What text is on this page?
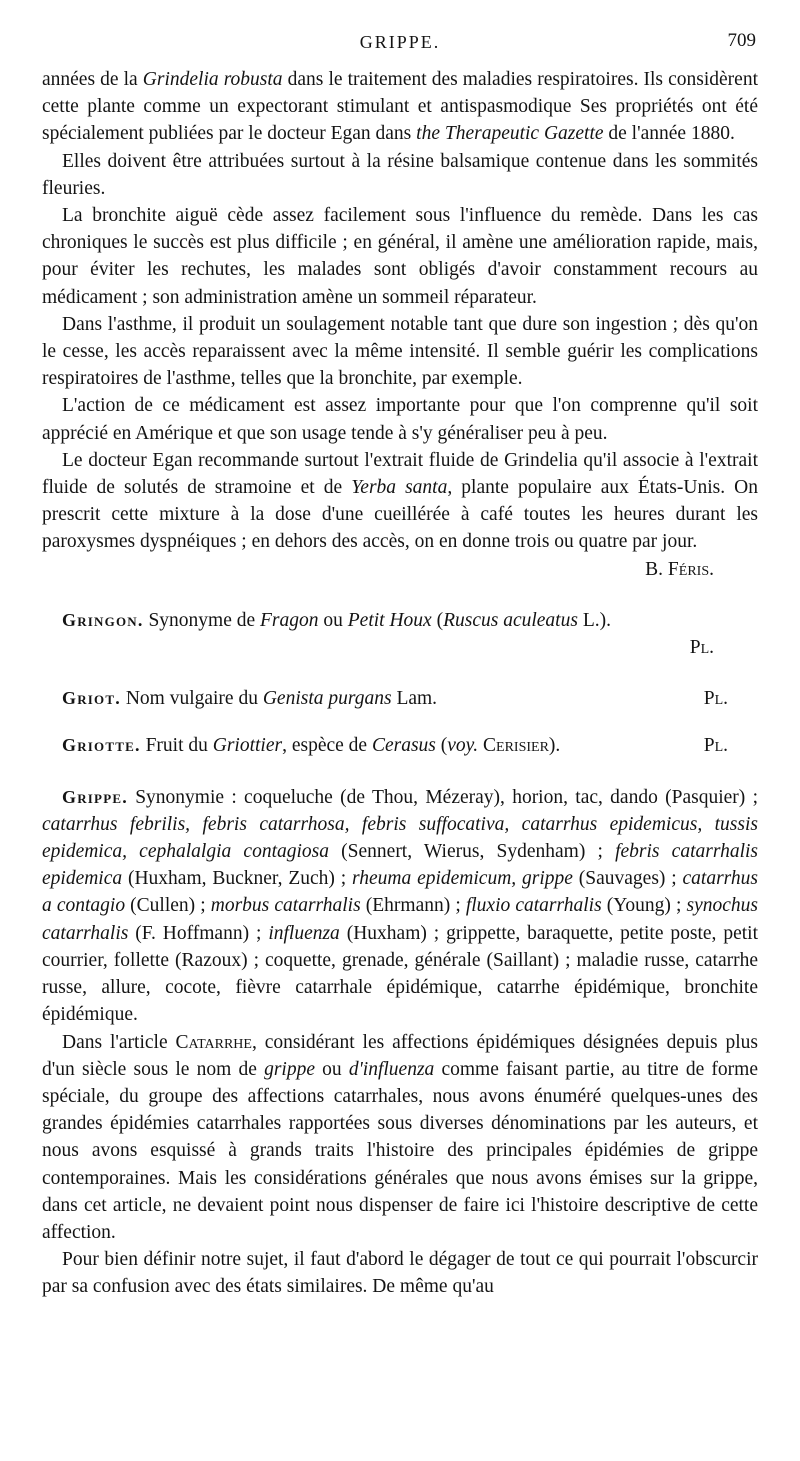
GRIPPE.	709

années de la Grindelia robusta dans le traitement des maladies respiratoires. Ils considèrent cette plante comme un expectorant stimulant et antispasmodique Ses propriétés ont été spécialement publiées par le docteur Egan dans the Therapeutic Gazette de l'année 1880.

Elles doivent être attribuées surtout à la résine balsamique contenue dans les sommités fleuries.

La bronchite aiguë cède assez facilement sous l'influence du remède. Dans les cas chroniques le succès est plus difficile ; en général, il amène une amélioration rapide, mais, pour éviter les rechutes, les malades sont obligés d'avoir constamment recours au médicament ; son administration amène un sommeil réparateur.

Dans l'asthme, il produit un soulagement notable tant que dure son ingestion ; dès qu'on le cesse, les accès reparaissent avec la même intensité. Il semble guérir les complications respiratoires de l'asthme, telles que la bronchite, par exemple.

L'action de ce médicament est assez importante pour que l'on comprenne qu'il soit apprécié en Amérique et que son usage tende à s'y généraliser peu à peu.

Le docteur Egan recommande surtout l'extrait fluide de Grindelia qu'il associe à l'extrait fluide de solutés de stramoine et de Yerba santa, plante populaire aux États-Unis. On prescrit cette mixture à la dose d'une cueillérée à café toutes les heures durant les paroxysmes dyspnéiques ; en dehors des accès, on en donne trois ou quatre par jour.

B. Féris.

Gringon. Synonyme de Fragon ou Petit Houx (Ruscus aculeatus L.).

Pl.

Griot. Nom vulgaire du Genista purgans Lam.	Pl.

Griotte. Fruit du Griottier, espèce de Cerasus (voy. Cerisier).	Pl.

Grippe. Synonymie : coqueluche (de Thou, Mézeray), horion, tac, dando (Pasquier) ; catarrhus febrilis, febris catarrhosa, febris suffocativa, catarrhus epidemicus, tussis epidemica, cephalalgia contagiosa (Sennert, Wierus, Sydenham) ; febris catarrhalis epidemica (Huxham, Buckner, Zuch) ; rheuma epidemicum, grippe (Sauvages) ; catarrhus a contagio (Cullen) ; morbus catarrhalis (Ehrmann) ; fluxio catarrhalis (Young) ; synochus catarrhalis (F. Hoffmann) ; influenza (Huxham) ; grippette, baraquette, petite poste, petit courrier, follette (Razoux) ; coquette, grenade, générale (Saillant) ; maladie russe, catarrhe russe, allure, cocote, fièvre catarrhale épidémique, catarrhe épidémique, bronchite épidémique.

Dans l'article Catarrhe, considérant les affections épidémiques désignées depuis plus d'un siècle sous le nom de grippe ou d'influenza comme faisant partie, au titre de forme spéciale, du groupe des affections catarrhales, nous avons énuméré quelques-unes des grandes épidémies catarrhales rapportées sous diverses dénominations par les auteurs, et nous avons esquissé à grands traits l'histoire des principales épidémies de grippe contemporaines. Mais les considérations générales que nous avons émises sur la grippe, dans cet article, ne devaient point nous dispenser de faire ici l'histoire descriptive de cette affection.

Pour bien définir notre sujet, il faut d'abord le dégager de tout ce qui pourrait l'obscurcir par sa confusion avec des états similaires. De même qu'au
